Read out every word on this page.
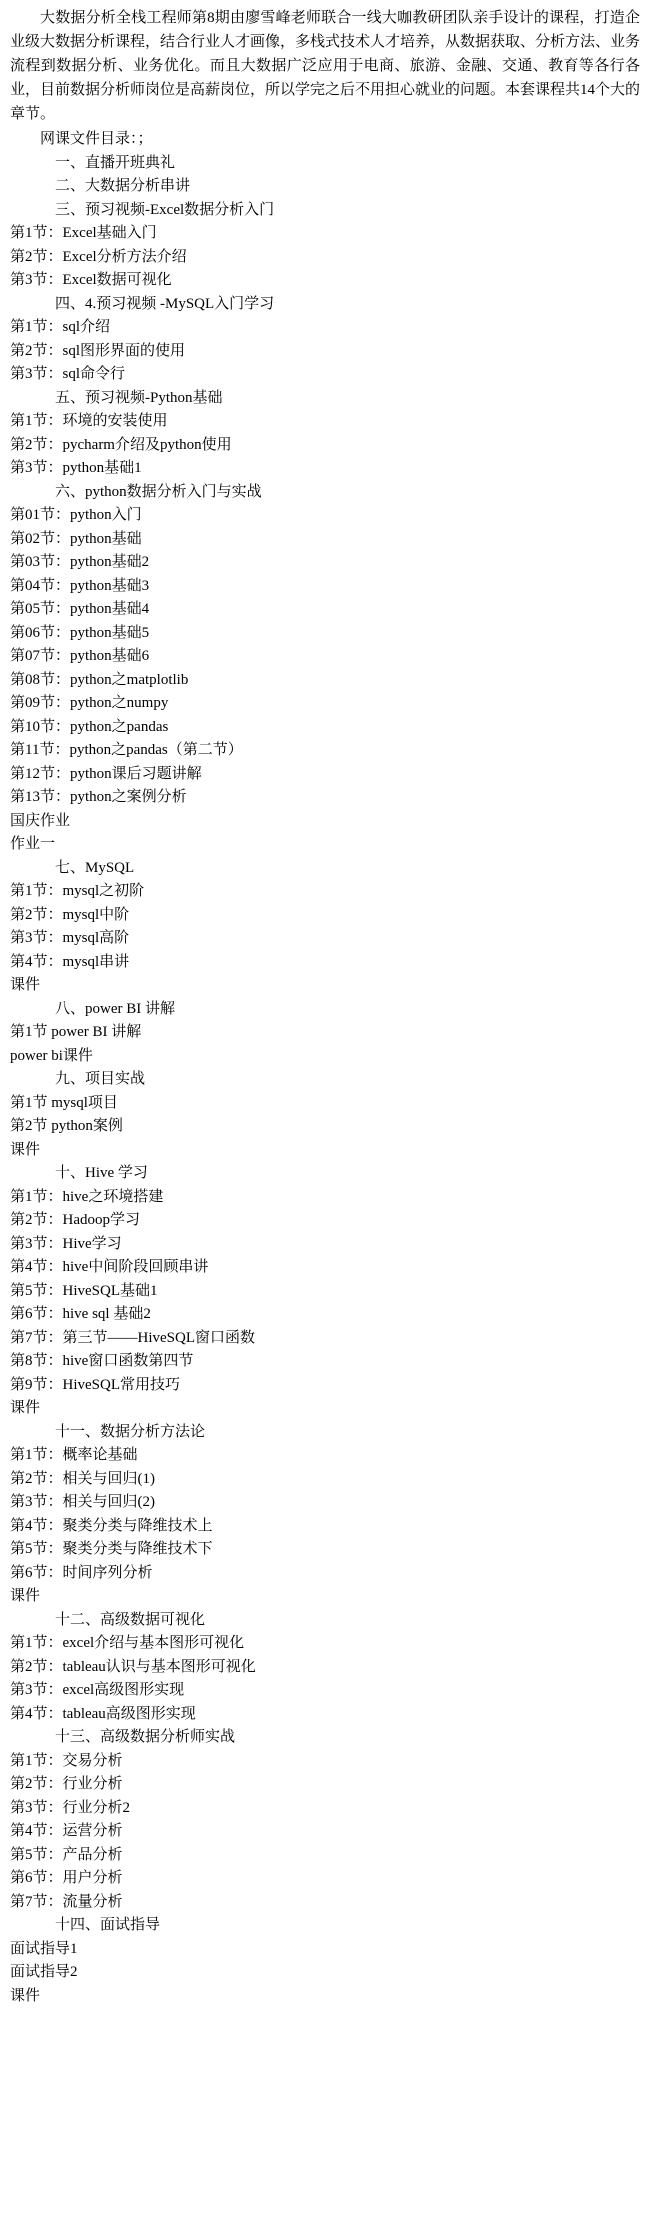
大数据分析全栈工程师第8期由廖雪峰老师联合一线大咖教研团队亲手设计的课程，打造企业级大数据分析课程，结合行业人才画像，多栈式技术人才培养，从数据获取、分析方法、业务流程到数据分析、业务优化。而且大数据广泛应用于电商、旅游、金融、交通、教育等各行各业，目前数据分析师岗位是高薪岗位，所以学完之后不用担心就业的问题。本套课程共14个大的章节。

网课文件目录：；
一、直播开班典礼
二、大数据分析串讲
三、预习视频-Excel数据分析入门
第1节：Excel基础入门
第2节：Excel分析方法介绍
第3节：Excel数据可视化
四、4.预习视频 -MySQL入门学习
第1节：sql介绍
第2节：sql图形界面的使用
第3节：sql命令行
五、预习视频-Python基础
第1节：环境的安装使用
第2节：pycharm介绍及python使用
第3节：python基础1
六、python数据分析入门与实战
第01节：python入门
第02节：python基础
第03节：python基础2
第04节：python基础3
第05节：python基础4
第06节：python基础5
第07节：python基础6
第08节：python之matplotlib
第09节：python之numpy
第10节：python之pandas
第11节：python之pandas（第二节）
第12节：python课后习题讲解
第13节：python之案例分析
国庆作业
作业一
七、MySQL
第1节：mysql之初阶
第2节：mysql中阶
第3节：mysql高阶
第4节：mysql串讲
课件
八、power BI 讲解
第1节 power BI 讲解
power bi课件
九、项目实战
第1节 mysql项目
第2节 python案例
课件
十、Hive 学习
第1节：hive之环境搭建
第2节：Hadoop学习
第3节：Hive学习
第4节：hive中间阶段回顾串讲
第5节：HiveSQL基础1
第6节：hive sql 基础2
第7节：第三节——HiveSQL窗口函数
第8节：hive窗口函数第四节
第9节：HiveSQL常用技巧
课件
十一、数据分析方法论
第1节：概率论基础
第2节：相关与回归(1)
第3节：相关与回归(2)
第4节：聚类分类与降维技术上
第5节：聚类分类与降维技术下
第6节：时间序列分析
课件
十二、高级数据可视化
第1节：excel介绍与基本图形可视化
第2节：tableau认识与基本图形可视化
第3节：excel高级图形实现
第4节：tableau高级图形实现
十三、高级数据分析师实战
第1节：交易分析
第2节：行业分析
第3节：行业分析2
第4节：运营分析
第5节：产品分析
第6节：用户分析
第7节：流量分析
十四、面试指导
面试指导1
面试指导2
课件
